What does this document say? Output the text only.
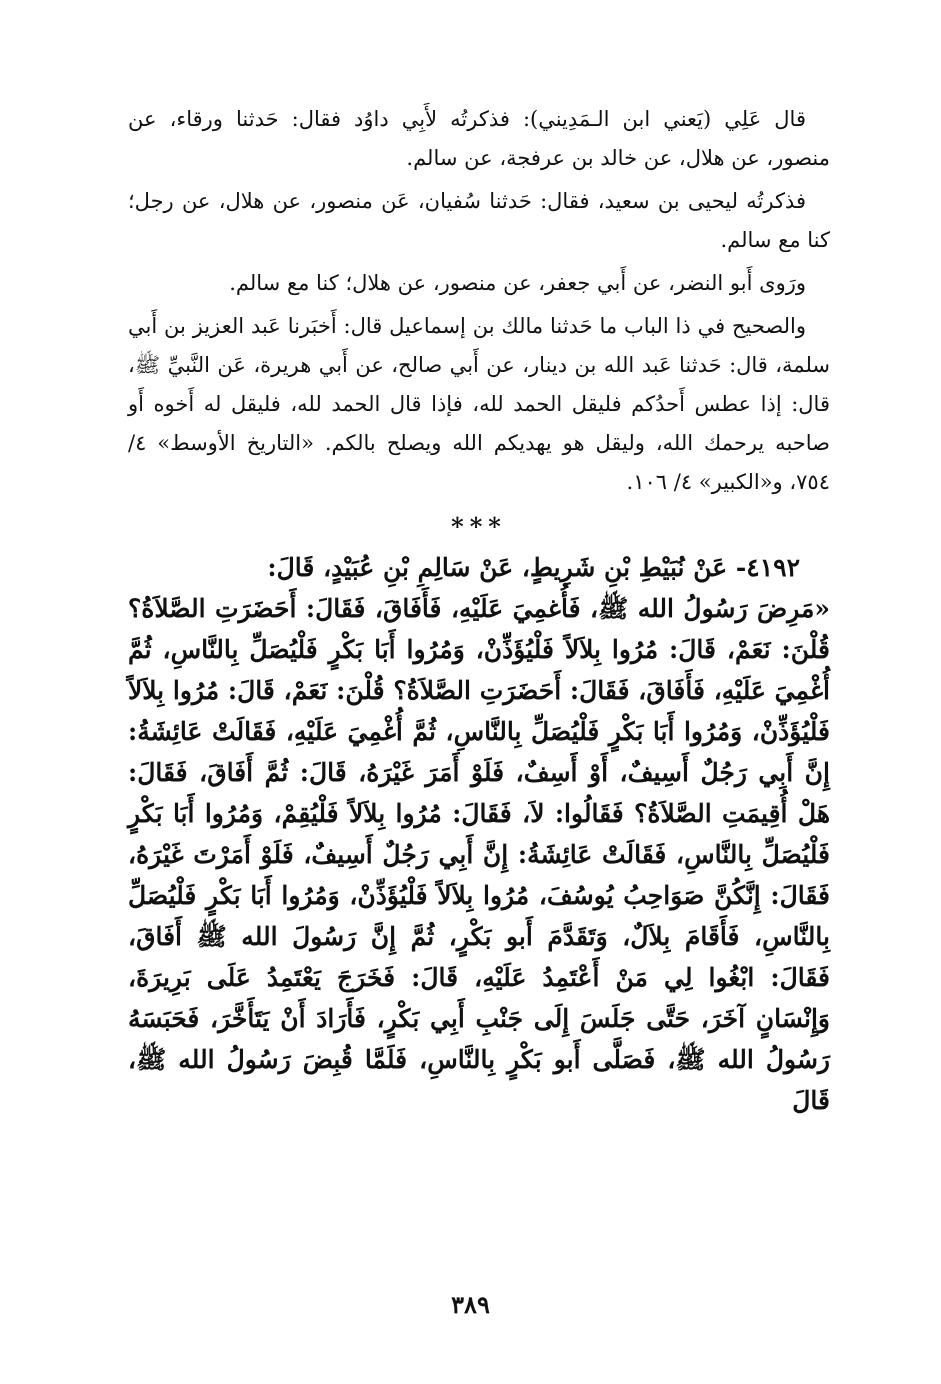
قال عَلِي (يَعني ابن الـمَدِيني): فذكرتُه لأَبِي داوُد فقال: حَدثنا ورقاء، عن منصور، عن هلال، عن خالد بن عرفجة، عن سالم.

فذكرتُه ليحيى بن سعيد، فقال: حَدثنا سُفيان، عَن منصور، عن هلال، عن رجل؛ كنا مع سالم.

ورَوى أَبو النضر، عن أَبي جعفر، عن منصور، عن هلال؛ كنا مع سالم.

والصحيح في ذا الباب ما حَدثنا مالك بن إسماعيل قال: أَخبَرنا عَبد العزيز بن أَبي سلمة، قال: حَدثنا عَبد الله بن دينار، عن أَبي صالح، عن أَبي هريرة، عَن النَّبيِّ ﷺ، قال: إذا عطس أَحدُكم فليقل الحمد لله، فإذا قال الحمد لله، فليقل له أَخوه أَو صاحبه يرحمك الله، وليقل هو يهديكم الله ويصلح بالكم. «التاريخ الأوسط» ٤/ ٧٥٤، و«الكبير» ٤/ ١٠٦.

***

٤١٩٢- عَنْ نُبَيْطِ بْنِ شَرِيطٍ، عَنْ سَالِمِ بْنِ عُبَيْدٍ، قَالَ:

«مَرِضَ رَسُولُ الله ﷺ، فَأُغمِيَ عَلَيْهِ، فَأَفَاقَ، فَقَالَ: أَحَضَرَتِ الصَّلاَةُ؟ قُلْنَ: نَعَمْ، قَالَ: مُرُوا بِلاَلاً فَلْيُؤَذِّنْ، وَمُرُوا أَبَا بَكْرٍ فَلْيُصَلِّ بِالنَّاسِ، ثُمَّ أُغْمِيَ عَلَيْهِ، فَأَفَاقَ، فَقَالَ: أَحَضَرَتِ الصَّلاَةُ؟ قُلْنَ: نَعَمْ، قَالَ: مُرُوا بِلاَلاً فَلْيُؤَذِّنْ، وَمُرُوا أَبَا بَكْرٍ فَلْيُصَلِّ بِالنَّاسِ، ثُمَّ أُغْمِيَ عَلَيْهِ، فَقَالَتْ عَائِشَةُ: إِنَّ أَبِي رَجُلٌ أَسِيفٌ، أَوْ أَسِفٌ، فَلَوْ أَمَرَ غَيْرَهُ، قَالَ: ثُمَّ أَفَاقَ، فَقَالَ: هَلْ أُقِيمَتِ الصَّلاَةُ؟ فَقَالُوا: لاَ، فَقَالَ: مُرُوا بِلاَلاً فَلْيُقِمْ، وَمُرُوا أَبَا بَكْرٍ فَلْيُصَلِّ بِالنَّاسِ، فَقَالَتْ عَائِشَةُ: إِنَّ أَبِي رَجُلٌ أَسِيفٌ، فَلَوْ أَمَرْتَ غَيْرَهُ، فَقَالَ: إِنَّكُنَّ صَوَاحِبُ يُوسُفَ، مُرُوا بِلاَلاً فَلْيُؤَذِّنْ، وَمُرُوا أَبَا بَكْرٍ فَلْيُصَلِّ بِالنَّاسِ، فَأَقَامَ بِلاَلٌ، وَتَقَدَّمَ أَبو بَكْرٍ، ثُمَّ إِنَّ رَسُولَ الله ﷺ أَفَاقَ، فَقَالَ: ابْغُوا لِي مَنْ أَعْتَمِدُ عَلَيْهِ، قَالَ: فَخَرَجَ يَعْتَمِدُ عَلَى بَرِيرَةَ، وَإِنْسَانٍ آخَرَ، حَتَّى جَلَسَ إِلَى جَنْبِ أَبِي بَكْرٍ، فَأَرَادَ أَنْ يَتَأَخَّرَ، فَحَبَسَهُ رَسُولُ الله ﷺ، فَصَلَّى أَبو بَكْرٍ بِالنَّاسِ، فَلَمَّا قُبِضَ رَسُولُ الله ﷺ، قَالَ

٣٨٩
